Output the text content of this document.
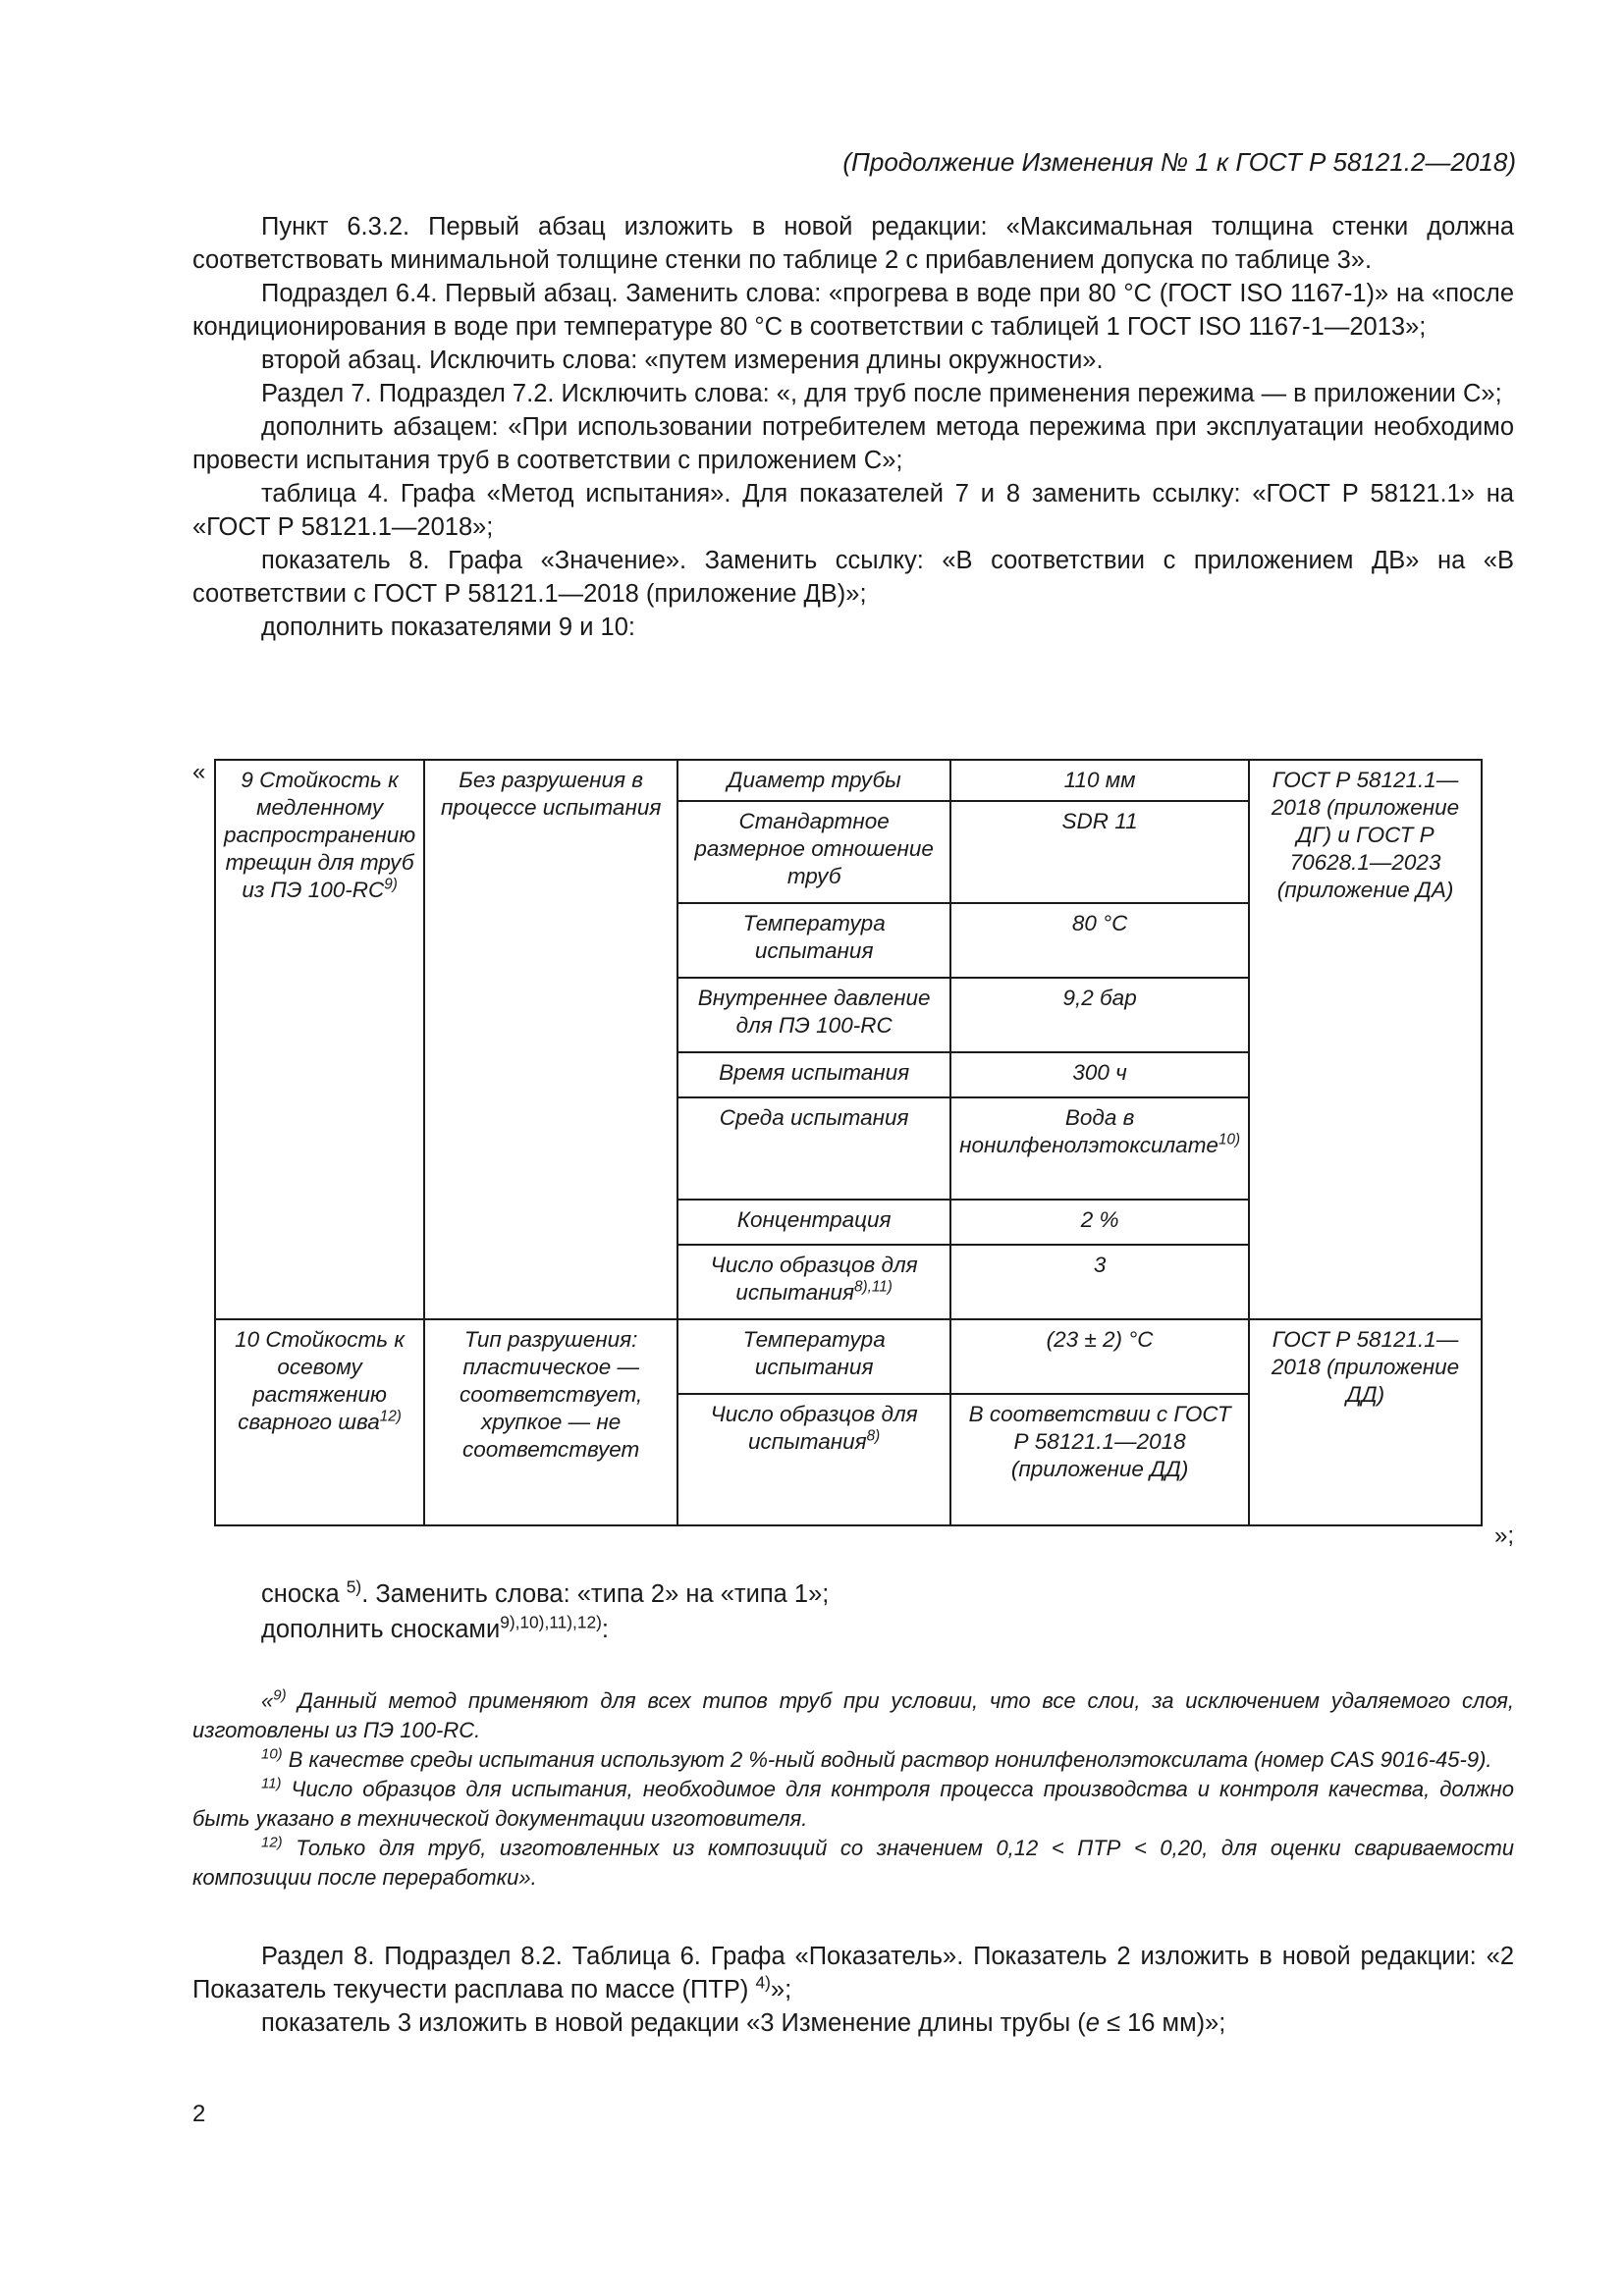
(Продолжение Изменения № 1 к ГОСТ Р 58121.2—2018)

Пункт 6.3.2. Первый абзац изложить в новой редакции: «Максимальная толщина стенки должна соответствовать минимальной толщине стенки по таблице 2 с прибавлением допуска по таблице 3».

Подраздел 6.4. Первый абзац. Заменить слова: «прогрева в воде при 80 °С (ГОСТ ISO 1167-1)» на «после кондиционирования в воде при температуре 80 °С в соответствии с таблицей 1 ГОСТ ISO 1167-1—2013»;

второй абзац. Исключить слова: «путем измерения длины окружности».

Раздел 7. Подраздел 7.2. Исключить слова: «, для труб после применения пережима — в приложении С»;

дополнить абзацем: «При использовании потребителем метода пережима при эксплуатации необходимо провести испытания труб в соответствии с приложением С»;

таблица 4. Графа «Метод испытания». Для показателей 7 и 8 заменить ссылку: «ГОСТ Р 58121.1» на «ГОСТ Р 58121.1—2018»;

показатель 8. Графа «Значение». Заменить ссылку: «В соответствии с приложением ДВ» на «В соответствии с ГОСТ Р 58121.1—2018 (приложение ДВ)»;

дополнить показателями 9 и 10:

« 9 Стойкость к медленному распространению трещин для труб из ПЭ 100-RC$^{9)}$	Без разрушения в процессе испытания	Диаметр трубы	110 мм	ГОСТ Р 58121.1—2018 (приложение ДГ) и ГОСТ Р 70628.1—2023 (приложение ДА)
		Стандартное размерное отношение труб	SDR 11	
		Температура испытания	80 °C	
		Внутреннее давление для ПЭ 100-RC	9,2 бар	
		Время испытания	300 ч	
		Среда испытания	Вода в нонилфенолэтоксилате$^{10)}$
		Концентрация	2 %	
		Число образцов для испытания$^{8),11)}$	3	
10 Стойкость к осевому растяжению сварного шва$^{12)}$	Тип разрушения: пластическое — соответствует, хрупкое — не соответствует	Температура испытания	(23 ± 2) °C	ГОСТ Р 58121.1—2018 (приложение ДД)
		Число образцов для испытания$^{8)}$	В соответствии с ГОСТ Р 58121.1—2018 (приложение ДД)	
»;
сноска $^{5)}$. Заменить слова: «типа 2» на «типа 1»;
дополнить сносками$^{9),10),11),12)}$:

«$^{9)}$ Данный метод применяют для всех типов труб при условии, что все слои, за исключением удаляемого слоя, изготовлены из ПЭ 100-RC.

$^{10)}$ В качестве среды испытания используют 2 %-ный водный раствор нонилфенолэтоксилата (номер CAS 9016-45-9).

$^{11)}$ Число образцов для испытания, необходимое для контроля процесса производства и контроля качества, должно быть указано в технической документации изготовителя.

$^{12)}$ Только для труб, изготовленных из композиций со значением 0,12 < ПТР < 0,20, для оценки свариваемости композиции после переработки».

Раздел 8. Подраздел 8.2. Таблица 6. Графа «Показатель». Показатель 2 изложить в новой редакции: «2 Показатель текучести расплава по массе (ПТР) $^{4)}$»;

показатель 3 изложить в новой редакции «3 Изменение длины трубы (e ≤ 16 мм)»;

2
